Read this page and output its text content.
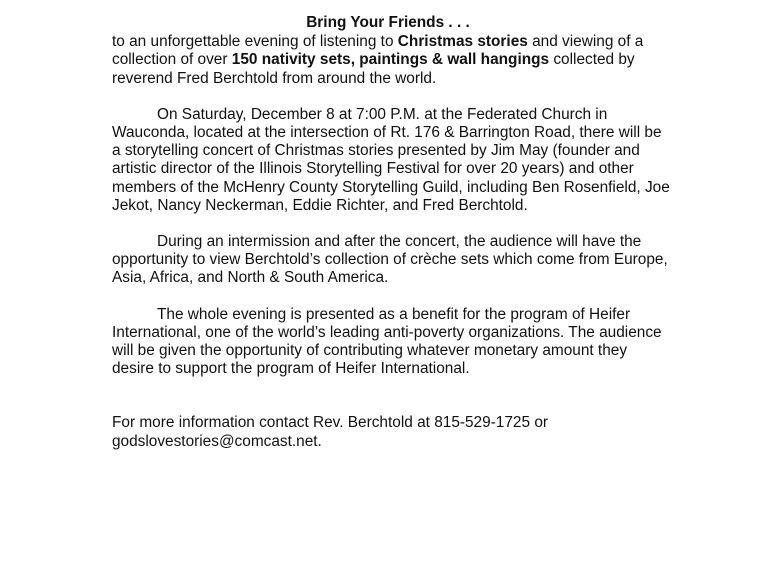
Bring Your Friends . . .

to an unforgettable evening of listening to Christmas stories and viewing of a collection of over 150 nativity sets, paintings & wall hangings collected by reverend Fred Berchtold from around the world.

On Saturday, December 8 at 7:00 P.M. at the Federated Church in Wauconda, located at the intersection of Rt. 176 & Barrington Road, there will be a storytelling concert of Christmas stories presented by Jim May (founder and artistic director of the Illinois Storytelling Festival for over 20 years) and other members of the McHenry County Storytelling Guild, including Ben Rosenfield, Joe Jekot, Nancy Neckerman, Eddie Richter, and Fred Berchtold.

During an intermission and after the concert, the audience will have the opportunity to view Berchtold’s collection of crèche sets which come from Europe, Asia, Africa, and North & South America.

The whole evening is presented as a benefit for the program of Heifer International, one of the world’s leading anti-poverty organizations. The audience will be given the opportunity of contributing whatever monetary amount they desire to support the program of Heifer International.

For more information contact Rev. Berchtold at 815-529-1725 or
godslovestories@comcast.net.
